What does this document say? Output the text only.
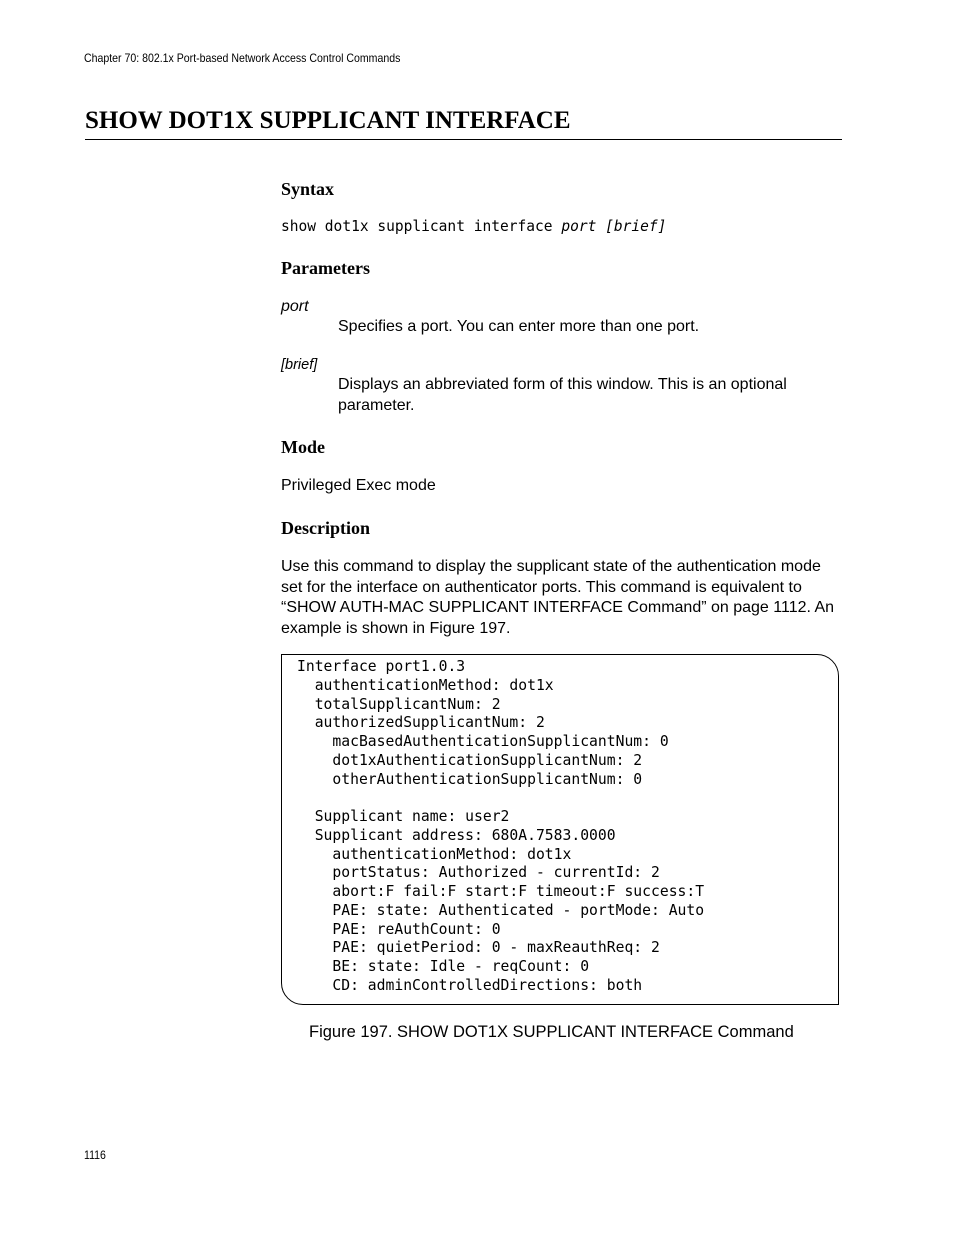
Chapter 70: 802.1x Port-based Network Access Control Commands
SHOW DOT1X SUPPLICANT INTERFACE
Syntax
show dot1x supplicant interface port [brief]
Parameters
port
Specifies a port. You can enter more than one port.
[brief]
Displays an abbreviated form of this window. This is an optional parameter.
Mode
Privileged Exec mode
Description
Use this command to display the supplicant state of the authentication mode set for the interface on authenticator ports. This command is equivalent to “SHOW AUTH-MAC SUPPLICANT INTERFACE Command” on page 1112. An example is shown in Figure 197.
Interface port1.0.3
authenticationMethod: dot1x
totalSupplicantNum: 2
authorizedSupplicantNum: 2
macBasedAuthenticationSupplicantNum: 0
dot1xAuthenticationSupplicantNum: 2
otherAuthenticationSupplicantNum: 0

Supplicant name: user2
Supplicant address: 680A.7583.0000
authenticationMethod: dot1x
portStatus: Authorized - currentId: 2
abort:F fail:F start:F timeout:F success:T
PAE: state: Authenticated - portMode: Auto
PAE: reAuthCount: 0
PAE: quietPeriod: 0 - maxReauthReq: 2
BE: state: Idle - reqCount: 0
CD: adminControlledDirections: both
Figure 197. SHOW DOT1X SUPPLICANT INTERFACE Command
1116
